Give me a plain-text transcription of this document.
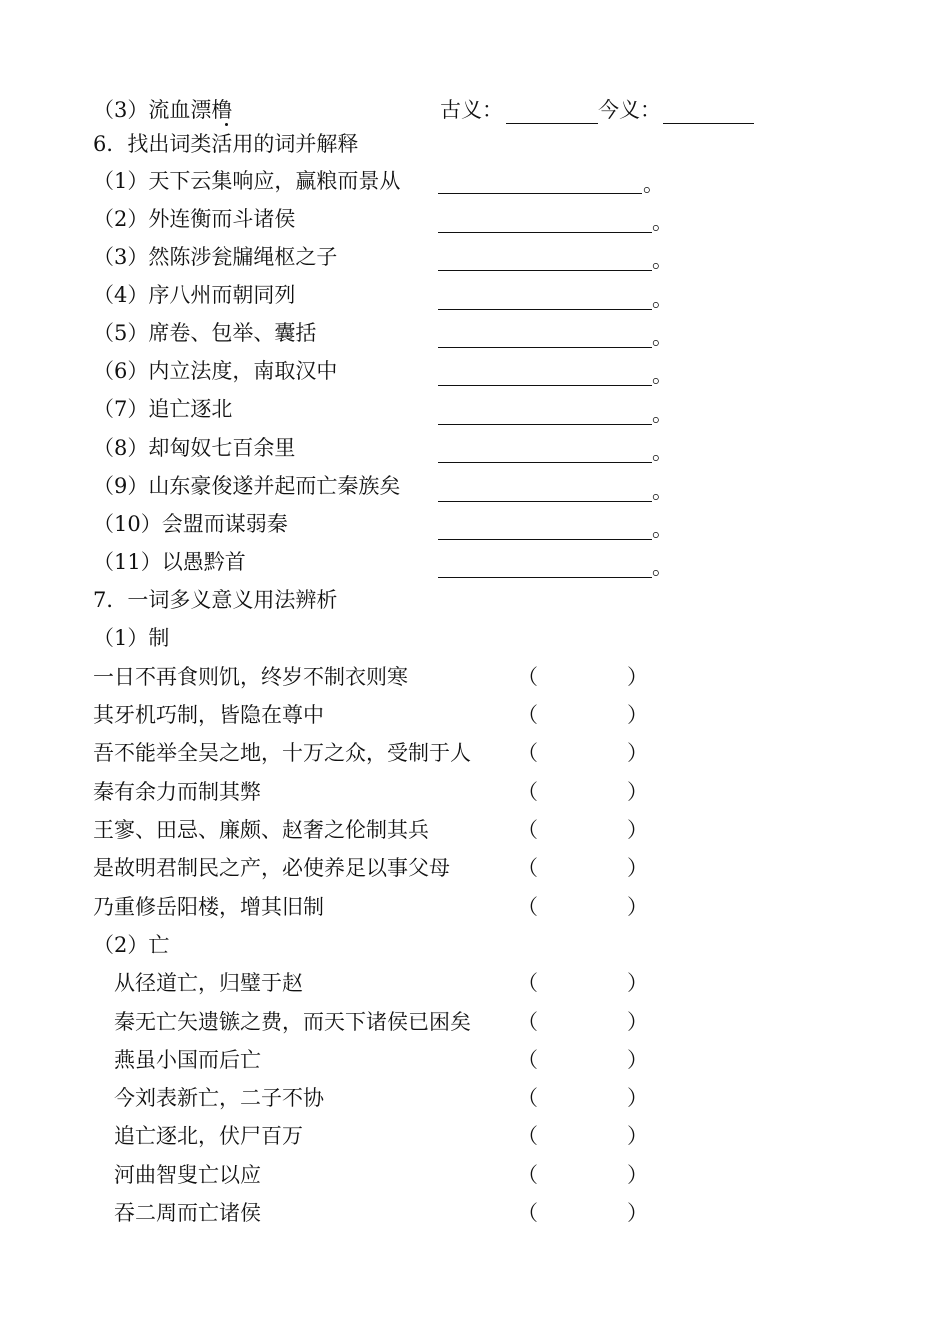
（3）流血漂橹	古义：	今义：
6．找出词类活用的词并解释
（1）天下云集响应，赢粮而景从	。
（2）外连衡而斗诸侯	。
（3）然陈涉瓮牖绳枢之子	。
（4）序八州而朝同列	。
（5）席卷、包举、囊括	。
（6）内立法度，南取汉中	。
（7）追亡逐北	。
（8）却匈奴七百余里	。
（9）山东豪俊遂并起而亡秦族矣	。
（10）会盟而谋弱秦	。
（11）以愚黔首	。
7．一词多义意义用法辨析
（1）制
一日不再食则饥，终岁不制衣则寒	（	）
其牙机巧制，皆隐在尊中	（	）
吾不能举全吴之地，十万之众，受制于人 （	）
秦有余力而制其弊	（	）
王寥、田忌、廉颇、赵奢之伦制其兵	（	）
是故明君制民之产，必使养足以事父母	（	）
乃重修岳阳楼，增其旧制	（	）
（2）亡
从径道亡，归璧于赵	（	）
秦无亡矢遗镞之费，而天下诸侯已困矣 （	）
燕虽小国而后亡	（	）
今刘表新亡，二子不协	（	）
追亡逐北，伏尸百万	（	）
河曲智叟亡以应	（	）
吞二周而亡诸侯	（	）
